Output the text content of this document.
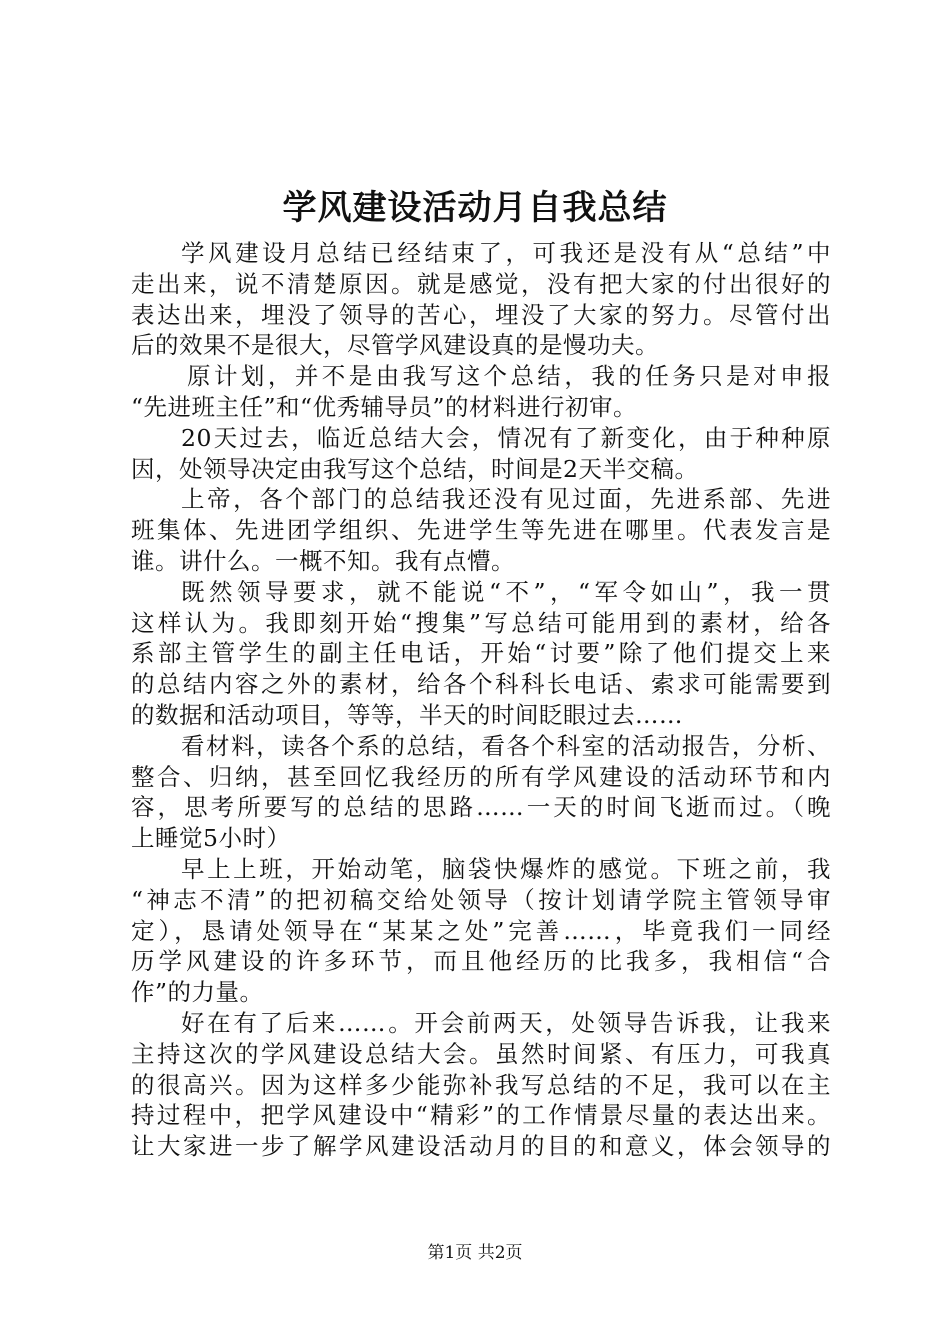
学风建设活动月自我总结
学风建设月总结已经结束了，可我还是没有从“总结”中
走出来，说不清楚原因。就是感觉，没有把大家的付出很好的
表达出来，埋没了领导的苦心，埋没了大家的努力。尽管付出
后的效果不是很大，尽管学风建设真的是慢功夫。
原计划，并不是由我写这个总结，我的任务只是对申报
“先进班主任”和“优秀辅导员”的材料进行初审。
20天过去，临近总结大会，情况有了新变化，由于种种原
因，处领导决定由我写这个总结，时间是2天半交稿。
上帝，各个部门的总结我还没有见过面，先进系部、先进
班集体、先进团学组织、先进学生等先进在哪里。代表发言是
谁。讲什么。一概不知。我有点懵。
既然领导要求，就不能说“不”，“军令如山”，我一贯
这样认为。我即刻开始“搜集”写总结可能用到的素材，给各
系部主管学生的副主任电话，开始“讨要”除了他们提交上来
的总结内容之外的素材，给各个科科长电话、索求可能需要到
的数据和活动项目，等等，半天的时间眨眼过去……
看材料，读各个系的总结，看各个科室的活动报告，分析、
整合、归纳，甚至回忆我经历的所有学风建设的活动环节和内
容，思考所要写的总结的思路……一天的时间飞逝而过。（晚
上睡觉5小时）
早上上班，开始动笔，脑袋快爆炸的感觉。下班之前，我
“神志不清”的把初稿交给处领导（按计划请学院主管领导审
定），恳请处领导在“某某之处”完善……，毕竟我们一同经
历学风建设的许多环节，而且他经历的比我多，我相信“合
作”的力量。
好在有了后来……。开会前两天，处领导告诉我，让我来
主持这次的学风建设总结大会。虽然时间紧、有压力，可我真
的很高兴。因为这样多少能弥补我写总结的不足，我可以在主
持过程中，把学风建设中“精彩”的工作情景尽量的表达出来。
让大家进一步了解学风建设活动月的目的和意义，体会领导的
第1页 共2页
